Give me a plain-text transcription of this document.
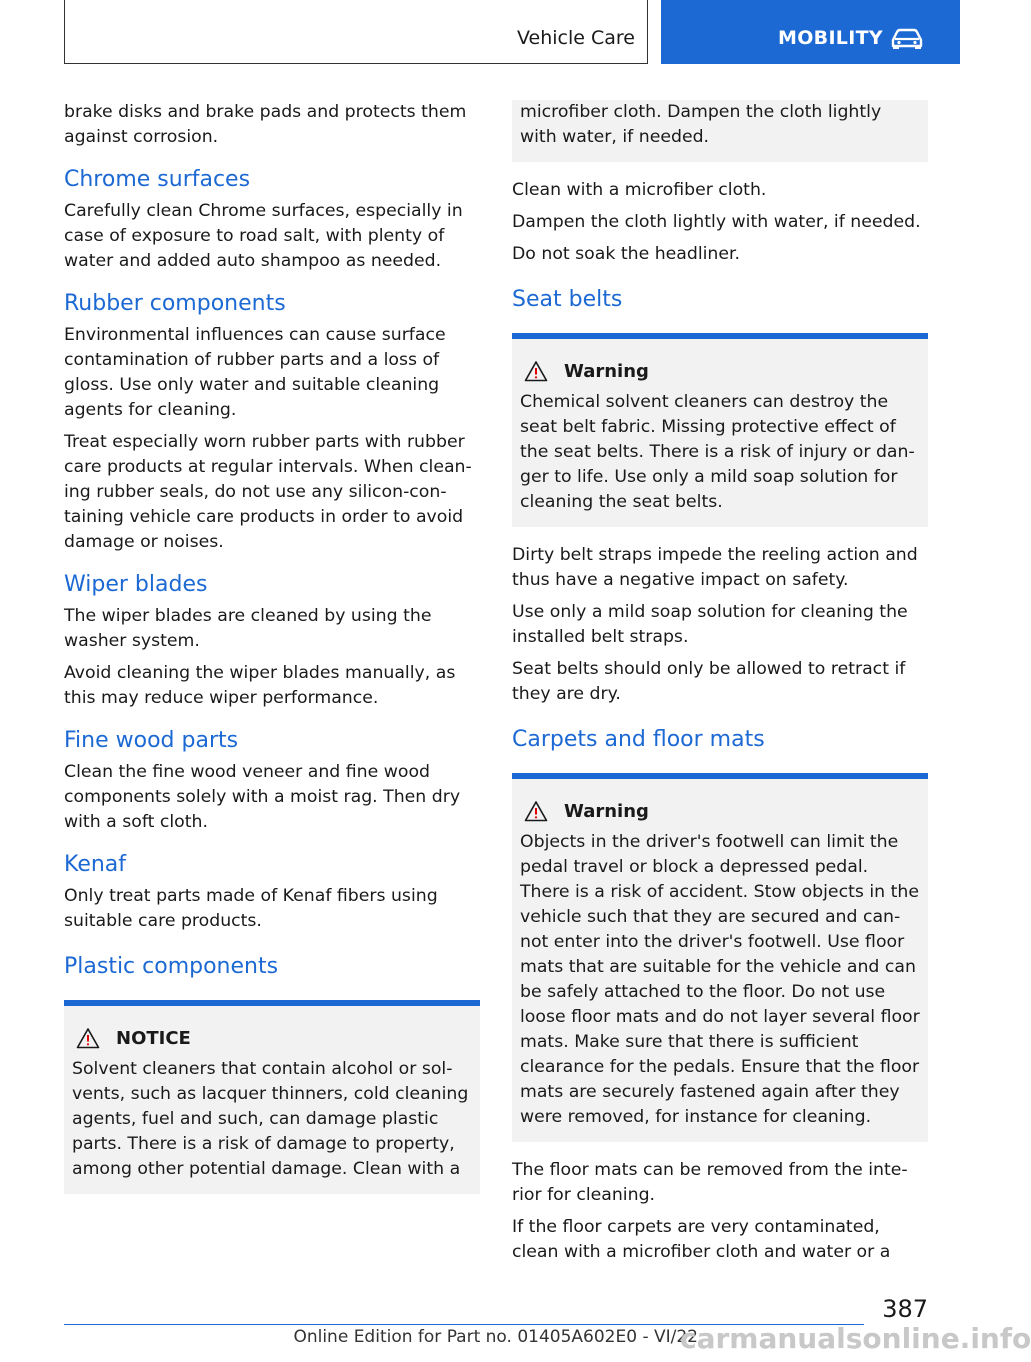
Vehicle Care	MOBILITY

brake disks and brake pads and protects them against corrosion.

Chrome surfaces

Carefully clean Chrome surfaces, especially in case of exposure to road salt, with plenty of water and added auto shampoo as needed.

Rubber components

Environmental influences can cause surface contamination of rubber parts and a loss of gloss. Use only water and suitable cleaning agents for cleaning.

Treat especially worn rubber parts with rubber care products at regular intervals. When cleaning rubber seals, do not use any silicon-containing vehicle care products in order to avoid damage or noises.

Wiper blades

The wiper blades are cleaned by using the washer system.

Avoid cleaning the wiper blades manually, as this may reduce wiper performance.

Fine wood parts

Clean the fine wood veneer and fine wood components solely with a moist rag. Then dry with a soft cloth.

Kenaf

Only treat parts made of Kenaf fibers using suitable care products.

Plastic components
NOTICE

Solvent cleaners that contain alcohol or solvents, such as lacquer thinners, cold cleaning agents, fuel and such, can damage plastic parts. There is a risk of damage to property, among other potential damage. Clean with a

microfiber cloth. Dampen the cloth lightly with water, if needed.

Clean with a microfiber cloth.

Dampen the cloth lightly with water, if needed.

Do not soak the headliner.

Seat belts
Warning

Chemical solvent cleaners can destroy the seat belt fabric. Missing protective effect of the seat belts. There is a risk of injury or danger to life. Use only a mild soap solution for cleaning the seat belts.

Dirty belt straps impede the reeling action and thus have a negative impact on safety.

Use only a mild soap solution for cleaning the installed belt straps.

Seat belts should only be allowed to retract if they are dry.

Carpets and floor mats
Warning

Objects in the driver's footwell can limit the pedal travel or block a depressed pedal. There is a risk of accident. Stow objects in the vehicle such that they are secured and cannot enter into the driver's footwell. Use floor mats that are suitable for the vehicle and can be safely attached to the floor. Do not use loose floor mats and do not layer several floor mats. Make sure that there is sufficient clearance for the pedals. Ensure that the floor mats are securely fastened again after they were removed, for instance for cleaning.

The floor mats can be removed from the interior for cleaning.

If the floor carpets are very contaminated, clean with a microfiber cloth and water or a

387
Online Edition for Part no. 01405A602E0 - VI/22
carmanualsonline.info
